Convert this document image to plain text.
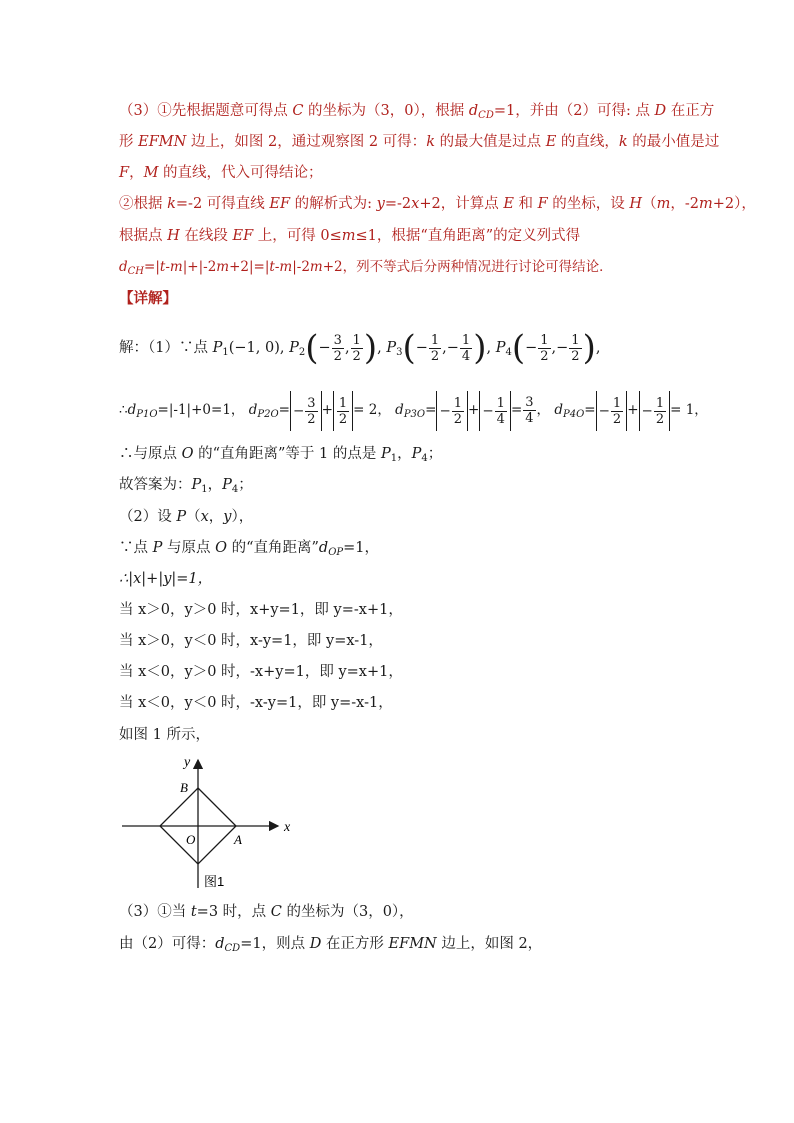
（3）①先根据题意可得点 C 的坐标为（3，0），根据 $d_{CD}=1$，并由（2）可得: 点 D 在正方
形 EFMN 边上，如图 2，通过观察图 2 可得：k 的最大值是过点 E 的直线，k 的最小值是过
F，M 的直线，代入可得结论；
②根据 k=-2 可得直线 EF 的解析式为: y=-2x+2，计算点 E 和 F 的坐标，设 H（m，-2m+2），
根据点 H 在线段 EF 上，可得 0≤m≤1，根据“直角距离”的定义列式得
$d_{CH}=|t-m|+|-2m+2|=|t-m|-2m+2$，列不等式后分两种情况进行讨论可得结论．
【详解】
解：（1）∵点 $P_1(-1$, 0), $P_2(- \frac{3}{2}$ , $\frac{1}{2}$ ), $P_3(- \frac{1}{2}$ ,− $\frac{1}{4}$ ), $P_4(- \frac{1}{2}$ ,− $\frac{1}{2}$ ),
$\therefore d_{P1O}=|-1|+0=1$， $d_{P2O}= - \frac{3}{2} + \frac{1}{2} = 2$， $d_{P3O}= - \frac{1}{2}$ + − $\frac{1}{4} = \frac{3}{4}$ ， $d_{P4O}= - \frac{1}{2}$ + − $\frac{1}{2} = 1$，
∴与原点 O 的“直角距离”等于 1 的点是 $P_1$，$P_4$；
故答案为：$P_1$，$P_4$；
（2）设 P（x，y），
∵点 P 与原点 O 的“直角距离$”d_{OP}=1$，
∴|x|+|y|=1，
当 x＞0，y＞0 时，x+y=1，即 y=-x+1，
当 x＞0，y＜0 时，x-y=1，即 y=x-1，
当 x＜0，y＞0 时，-x+y=1，即 y=x+1，
当 x＜0，y＜0 时，-x-y=1，即 y=-x-1，
如图 1 所示，
x
y
B
O	A
图1
（3）①当 t=3 时，点 C 的坐标为（3，0），
由（2）可得：$d_{CD}=1$，则点 D 在正方形 EFMN 边上，如图 2，
